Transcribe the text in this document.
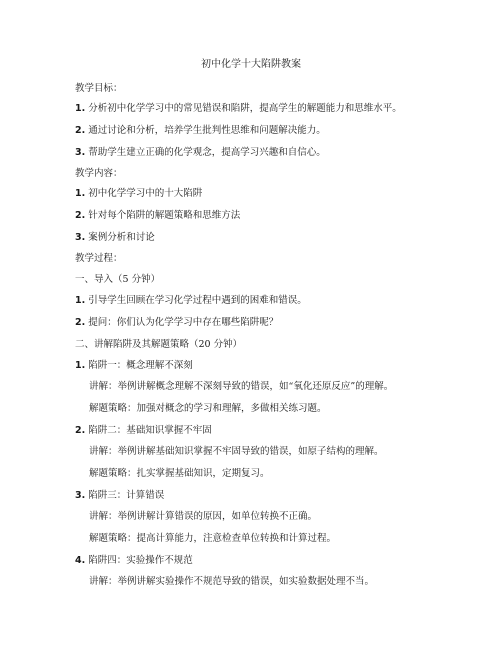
初中化学十大陷阱教案
教学目标：
1. 分析初中化学学习中的常见错误和陷阱，提高学生的解题能力和思维水平。
2. 通过讨论和分析，培养学生批判性思维和问题解决能力。
3. 帮助学生建立正确的化学观念，提高学习兴趣和自信心。
教学内容：
1. 初中化学学习中的十大陷阱
2. 针对每个陷阱的解题策略和思维方法
3. 案例分析和讨论
教学过程：
一、导入（5 分钟）
1. 引导学生回顾在学习化学过程中遇到的困难和错误。
2. 提问：你们认为化学学习中存在哪些陷阱呢？
二、讲解陷阱及其解题策略（20 分钟）
1. 陷阱一：概念理解不深刻
讲解：举例讲解概念理解不深刻导致的错误，如“氧化还原反应”的理解。
解题策略：加强对概念的学习和理解，多做相关练习题。
2. 陷阱二：基础知识掌握不牢固
讲解：举例讲解基础知识掌握不牢固导致的错误，如原子结构的理解。
解题策略：扎实掌握基础知识，定期复习。
3. 陷阱三：计算错误
讲解：举例讲解计算错误的原因，如单位转换不正确。
解题策略：提高计算能力，注意检查单位转换和计算过程。
4. 陷阱四：实验操作不规范
讲解：举例讲解实验操作不规范导致的错误，如实验数据处理不当。
